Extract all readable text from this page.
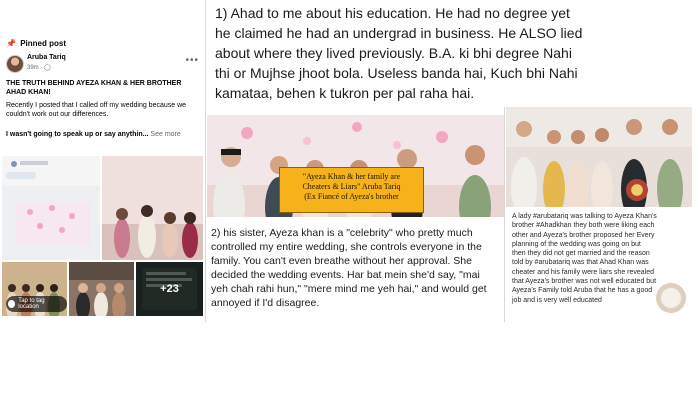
📌 Pinned post
Aruba Tariq
39m · ◯
•••
THE TRUTH BEHIND AYEZA KHAN & HER BROTHER AHAD KHAN!
Recently I posted that I called off my wedding because we couldn't work out our differences.
I wasn't going to speak up or say anythin... See more
Tap to tag location
+23

1) Ahad to me about his education. He had no degree yet
he claimed he had an undergrad in business. He ALSO lied
about where they lived previously. B.A. ki bhi degree Nahi
thi or Mujhse jhoot bola. Useless banda hai, Kuch bhi Nahi
kamataa, behen k tukron per pal raha hai.

"Ayeza Khan & her family are
Cheaters & Liars" Aruba Tariq
(Ex Fiancé of Ayeza's brother

2) his sister, Ayeza khan is a "celebrity" who pretty much
controlled my entire wedding, she controls everyone in the
family. You can't even breathe without her approval. She
decided the wedding events. Har bat mein she'd say, "mai
yeh chah rahi hun," "mere mind me yeh hai," and would get
annoyed if I'd disagree.

A lady #arubatariq was talking to Ayeza Khan's
brother #Ahadkhan they both were liking each
other and Ayeza's brother proposed her Every
planning of the wedding was going on but
then they did not get married and the reason
told by #arubatariq was that Ahad Khan was
cheater and his family were liars she revealed
that Ayeza's brother was not well educated but
Ayeza's Family told Aruba that he has a good
job and is very well educated
